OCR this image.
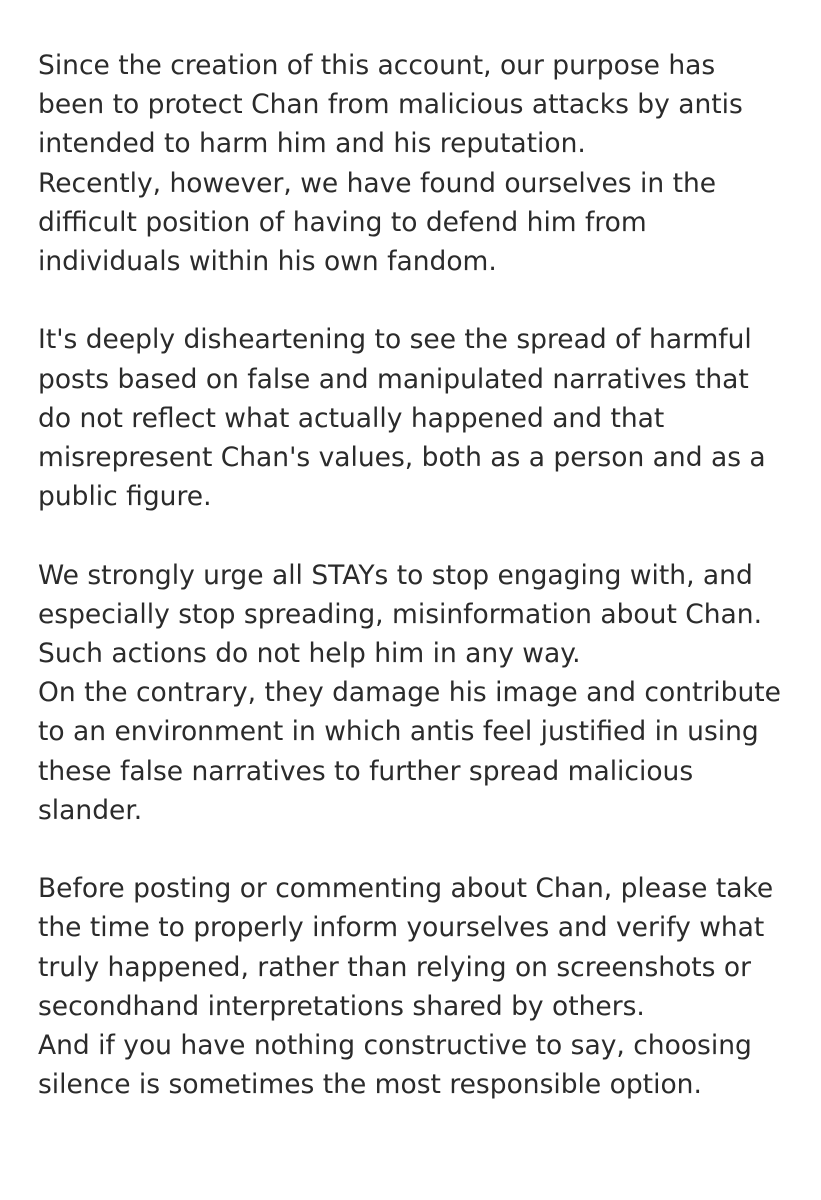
Since the creation of this account, our purpose has
been to protect Chan from malicious attacks by antis
intended to harm him and his reputation.
Recently, however, we have found ourselves in the
difficult position of having to defend him from
individuals within his own fandom.

It's deeply disheartening to see the spread of harmful
posts based on false and manipulated narratives that
do not reflect what actually happened and that
misrepresent Chan's values, both as a person and as a
public figure.

We strongly urge all STAYs to stop engaging with, and
especially stop spreading, misinformation about Chan.
Such actions do not help him in any way.
On the contrary, they damage his image and contribute
to an environment in which antis feel justified in using
these false narratives to further spread malicious
slander.

Before posting or commenting about Chan, please take
the time to properly inform yourselves and verify what
truly happened, rather than relying on screenshots or
secondhand interpretations shared by others.
And if you have nothing constructive to say, choosing
silence is sometimes the most responsible option.
